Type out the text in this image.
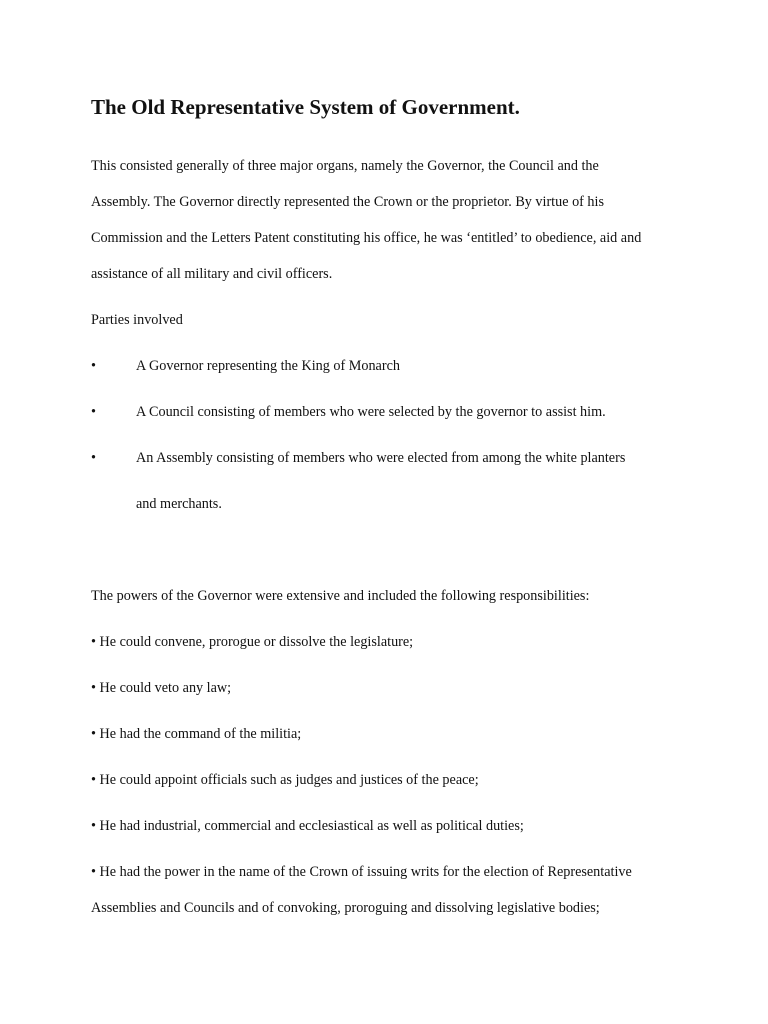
The Old Representative System of Government.
This consisted generally of three major organs, namely the Governor, the Council and the
Assembly. The Governor directly represented the Crown or the proprietor. By virtue of his
Commission and the Letters Patent constituting his office, he was ‘entitled’ to obedience, aid and
assistance of all military and civil officers.
Parties involved
•	A Governor representing the King of Monarch
•	A Council consisting of members who were selected by the governor to assist him.
•	An Assembly consisting of members who were elected from among the white planters
and merchants.
The powers of the Governor were extensive and included the following responsibilities:
• He could convene, prorogue or dissolve the legislature;
• He could veto any law;
• He had the command of the militia;
• He could appoint officials such as judges and justices of the peace;
• He had industrial, commercial and ecclesiastical as well as political duties;
• He had the power in the name of the Crown of issuing writs for the election of Representative
Assemblies and Councils and of convoking, proroguing and dissolving legislative bodies;
